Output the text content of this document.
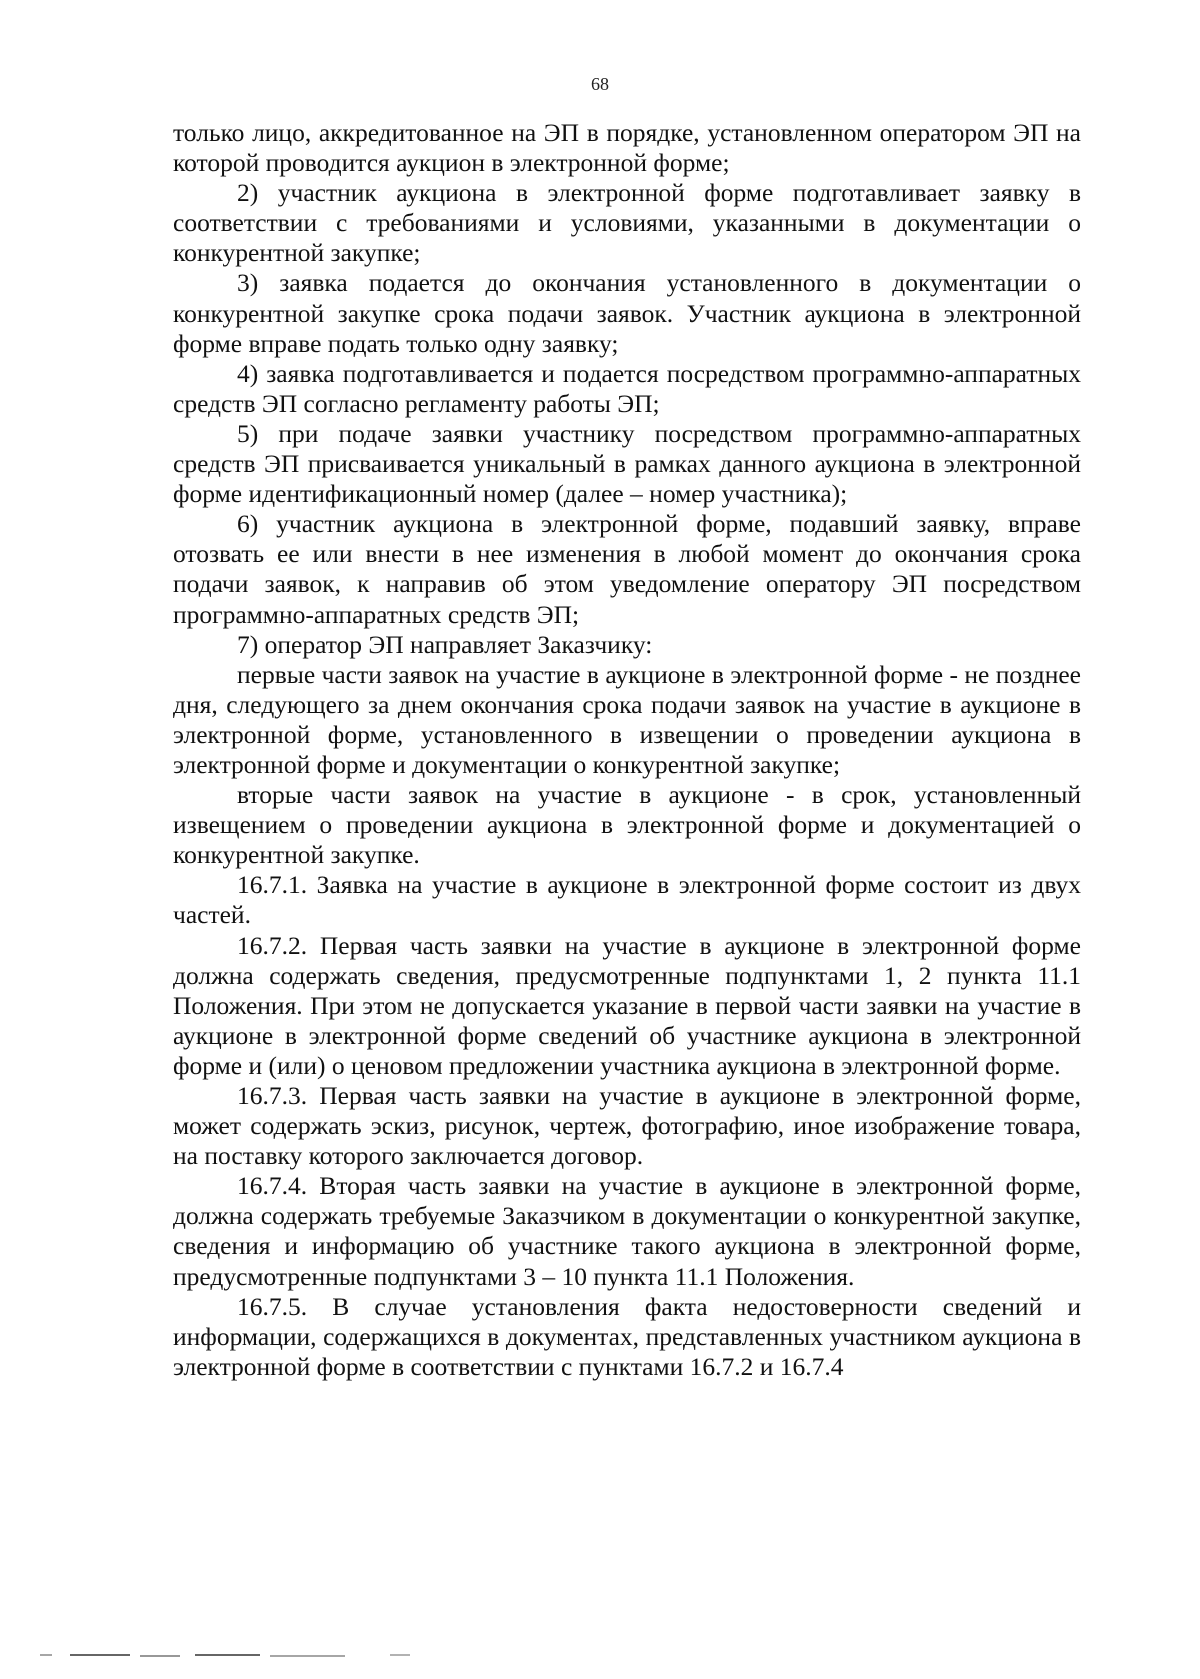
68

только лицо, аккредитованное на ЭП в порядке, установленном оператором ЭП на которой проводится аукцион в электронной форме;

2) участник аукциона в электронной форме подготавливает заявку в соответствии с требованиями и условиями, указанными в документации о конкурентной закупке;

3) заявка подается до окончания установленного в документации о конкурентной закупке срока подачи заявок. Участник аукциона в электронной форме вправе подать только одну заявку;

4) заявка подготавливается и подается посредством программно-аппаратных средств ЭП согласно регламенту работы ЭП;

5) при подаче заявки участнику посредством программно-аппаратных средств ЭП присваивается уникальный в рамках данного аукциона в электронной форме идентификационный номер (далее – номер участника);

6) участник аукциона в электронной форме, подавший заявку, вправе отозвать ее или внести в нее изменения в любой момент до окончания срока подачи заявок, к направив об этом уведомление оператору ЭП посредством программно-аппаратных средств ЭП;

7) оператор ЭП направляет Заказчику:

первые части заявок на участие в аукционе в электронной форме - не позднее дня, следующего за днем окончания срока подачи заявок на участие в аукционе в электронной форме, установленного в извещении о проведении аукциона в электронной форме и документации о конкурентной закупке;

вторые части заявок на участие в аукционе - в срок, установленный извещением о проведении аукциона в электронной форме и документацией о конкурентной закупке.

16.7.1. Заявка на участие в аукционе в электронной форме состоит из двух частей.

16.7.2. Первая часть заявки на участие в аукционе в электронной форме должна содержать сведения, предусмотренные подпунктами 1, 2 пункта 11.1 Положения. При этом не допускается указание в первой части заявки на участие в аукционе в электронной форме сведений об участнике аукциона в электронной форме и (или) о ценовом предложении участника аукциона в электронной форме.

16.7.3. Первая часть заявки на участие в аукционе в электронной форме, может содержать эскиз, рисунок, чертеж, фотографию, иное изображение товара, на поставку которого заключается договор.

16.7.4. Вторая часть заявки на участие в аукционе в электронной форме, должна содержать требуемые Заказчиком в документации о конкурентной закупке, сведения и информацию об участнике такого аукциона в электронной форме, предусмотренные подпунктами 3 – 10 пункта 11.1 Положения.

16.7.5. В случае установления факта недостоверности сведений и информации, содержащихся в документах, представленных участником аукциона в электронной форме в соответствии с пунктами 16.7.2 и 16.7.4
